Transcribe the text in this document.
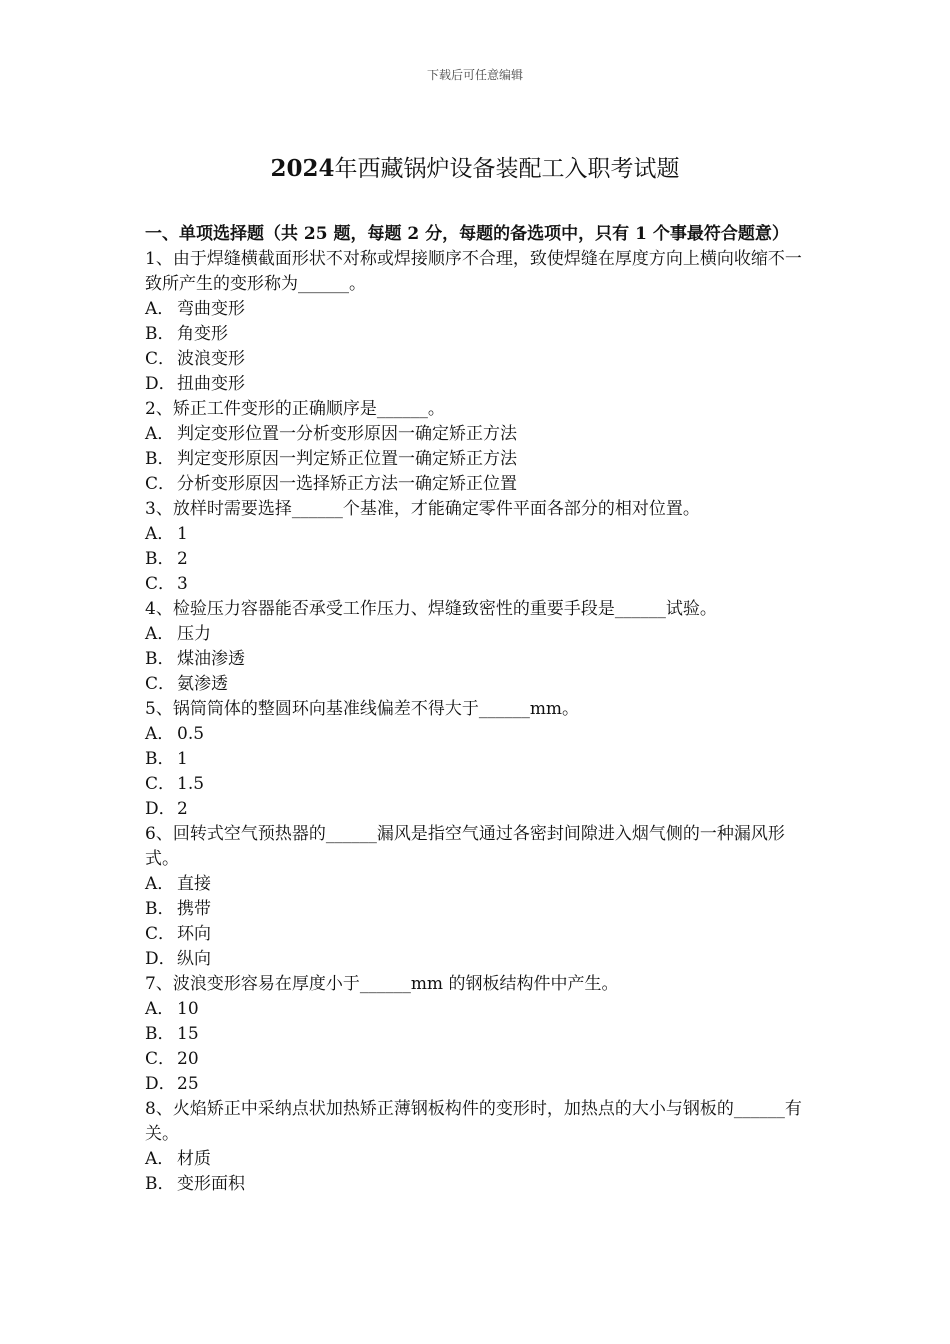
下载后可任意编辑
2024年西藏锅炉设备装配工入职考试题

一、单项选择题（共 25 题，每题 2 分，每题的备选项中，只有 1 个事最符合题意）

1、由于焊缝横截面形状不对称或焊接顺序不合理，致使焊缝在厚度方向上横向收缩不一致所产生的变形称为______。

A． 弯曲变形

B． 角变形

C． 波浪变形

D．扭曲变形

2、矫正工件变形的正确顺序是______。

A． 判定变形位置一分析变形原因一确定矫正方法

B． 判定变形原因一判定矫正位置一确定矫正方法

C． 分析变形原因一选择矫正方法一确定矫正位置

3、放样时需要选择______个基准，才能确定零件平面各部分的相对位置。

A． 1

B． 2

C． 3

4、检验压力容器能否承受工作压力、焊缝致密性的重要手段是______试验。

A． 压力

B． 煤油渗透

C． 氨渗透

5、锅筒筒体的整圆环向基准线偏差不得大于______mm。

A． 0.5

B． 1

C． 1.5

D．2

6、回转式空气预热器的______漏风是指空气通过各密封间隙进入烟气侧的一种漏风形式。

A． 直接

B． 携带

C． 环向

D．纵向

7、波浪变形容易在厚度小于______mm 的钢板结构件中产生。

A． 10

B． 15

C． 20

D．25

8、火焰矫正中采纳点状加热矫正薄钢板构件的变形时，加热点的大小与钢板的______有关。

A． 材质

B． 变形面积
